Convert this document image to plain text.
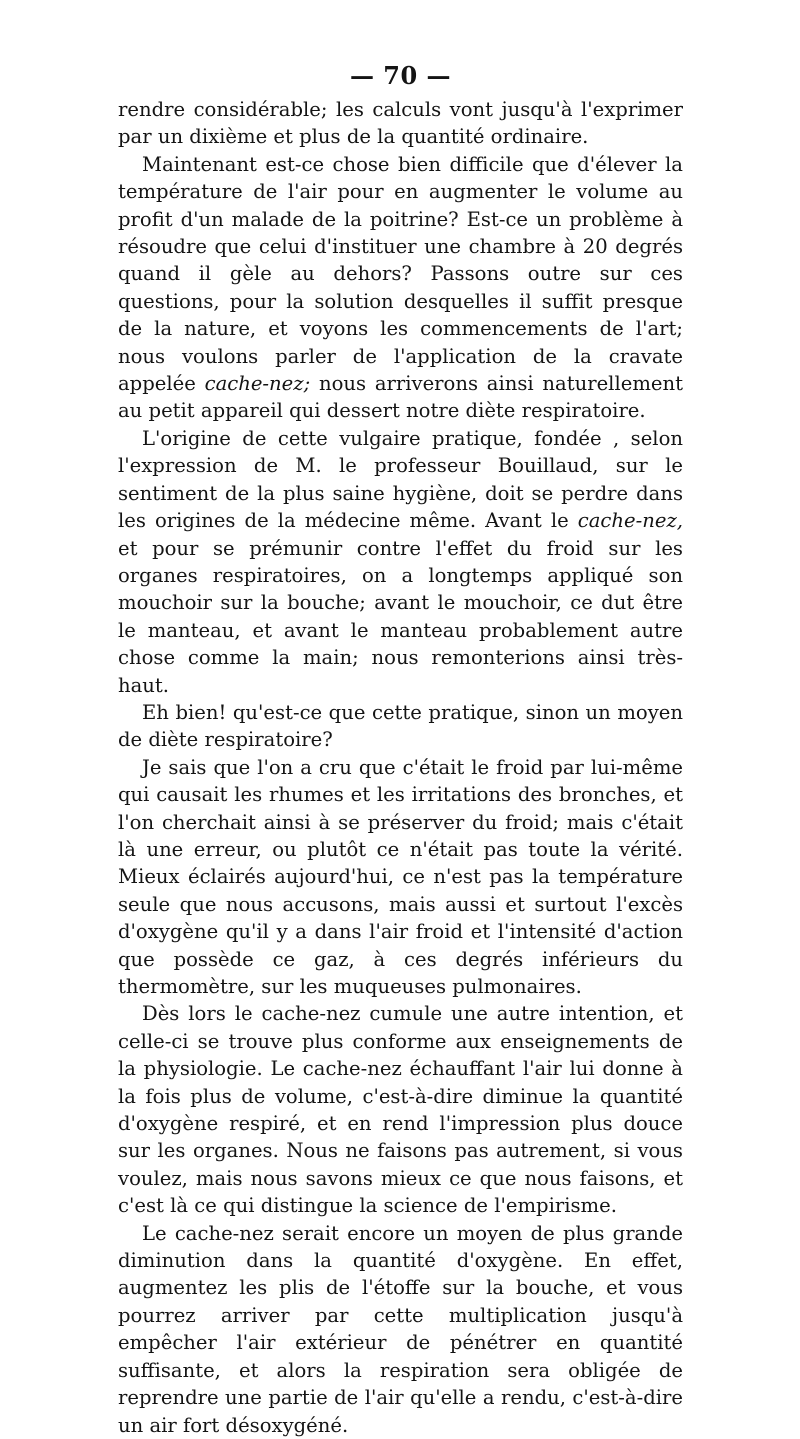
— 70 —

rendre considérable; les calculs vont jusqu'à l'exprimer par un dixième et plus de la quantité ordinaire.

Maintenant est-ce chose bien difficile que d'élever la température de l'air pour en augmenter le volume au profit d'un malade de la poitrine? Est-ce un problème à résoudre que celui d'instituer une chambre à 20 degrés quand il gèle au dehors? Passons outre sur ces questions, pour la solution desquelles il suffit presque de la nature, et voyons les commencements de l'art; nous voulons parler de l'application de la cravate appelée cache-nez; nous arriverons ainsi naturellement au petit appareil qui dessert notre diète respiratoire.

L'origine de cette vulgaire pratique, fondée , selon l'expression de M. le professeur Bouillaud, sur le sentiment de la plus saine hygiène, doit se perdre dans les origines de la médecine même. Avant le cache-nez, et pour se prémunir contre l'effet du froid sur les organes respiratoires, on a longtemps appliqué son mouchoir sur la bouche; avant le mouchoir, ce dut être le manteau, et avant le manteau probablement autre chose comme la main; nous remonterions ainsi très-haut.

Eh bien! qu'est-ce que cette pratique, sinon un moyen de diète respiratoire?

Je sais que l'on a cru que c'était le froid par lui-même qui causait les rhumes et les irritations des bronches, et l'on cherchait ainsi à se préserver du froid; mais c'était là une erreur, ou plutôt ce n'était pas toute la vérité. Mieux éclairés aujourd'hui, ce n'est pas la température seule que nous accusons, mais aussi et surtout l'excès d'oxygène qu'il y a dans l'air froid et l'intensité d'action que possède ce gaz, à ces degrés inférieurs du thermomètre, sur les muqueuses pulmonaires.

Dès lors le cache-nez cumule une autre intention, et celle-ci se trouve plus conforme aux enseignements de la physiologie. Le cache-nez échauffant l'air lui donne à la fois plus de volume, c'est-à-dire diminue la quantité d'oxygène respiré, et en rend l'impression plus douce sur les organes. Nous ne faisons pas autrement, si vous voulez, mais nous savons mieux ce que nous faisons, et c'est là ce qui distingue la science de l'empirisme.

Le cache-nez serait encore un moyen de plus grande diminution dans la quantité d'oxygène. En effet, augmentez les plis de l'étoffe sur la bouche, et vous pourrez arriver par cette multiplication jusqu'à empêcher l'air extérieur de pénétrer en quantité suffisante, et alors la respiration sera obligée de reprendre une partie de l'air qu'elle a rendu, c'est-à-dire un air fort désoxygéné.
